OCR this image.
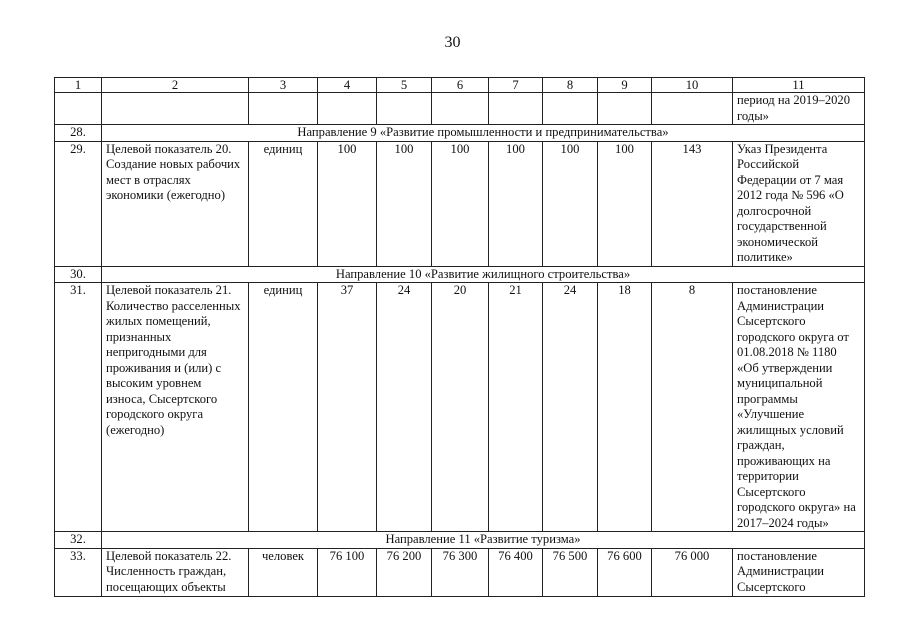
30
1	2	3	4	5	6	7	8	9	10	11
										период на 2019–2020 годы»
28.	Направление 9 «Развитие промышленности и предпринимательства»									
29.	Целевой показатель 20. Создание новых рабочих мест в отраслях экономики (ежегодно)	единиц	100	100	100	100	100	100	143	Указ Президента Российской Федерации от 7 мая 2012 года № 596 «О долгосрочной государственной экономической политике»
30.	Направление 10 «Развитие жилищного строительства»									
31.	Целевой показатель 21. Количество расселенных жилых помещений, признанных непригодными для проживания и (или) с высоким уровнем износа, Сысертского городского округа (ежегодно)	единиц	37	24	20	21	24	18	8	постановление Администрации Сысертского городского округа от 01.08.2018 № 1180 «Об утверждении муниципальной программы «Улучшение жилищных условий граждан, проживающих на территории Сысертского городского округа» на 2017–2024 годы»
32.	Направление 11 «Развитие туризма»									
33.	Целевой показатель 22. Численность граждан, посещающих объекты	человек	76 100	76 200	76 300	76 400	76 500	76 600	76 000	постановление Администрации Сысертского
